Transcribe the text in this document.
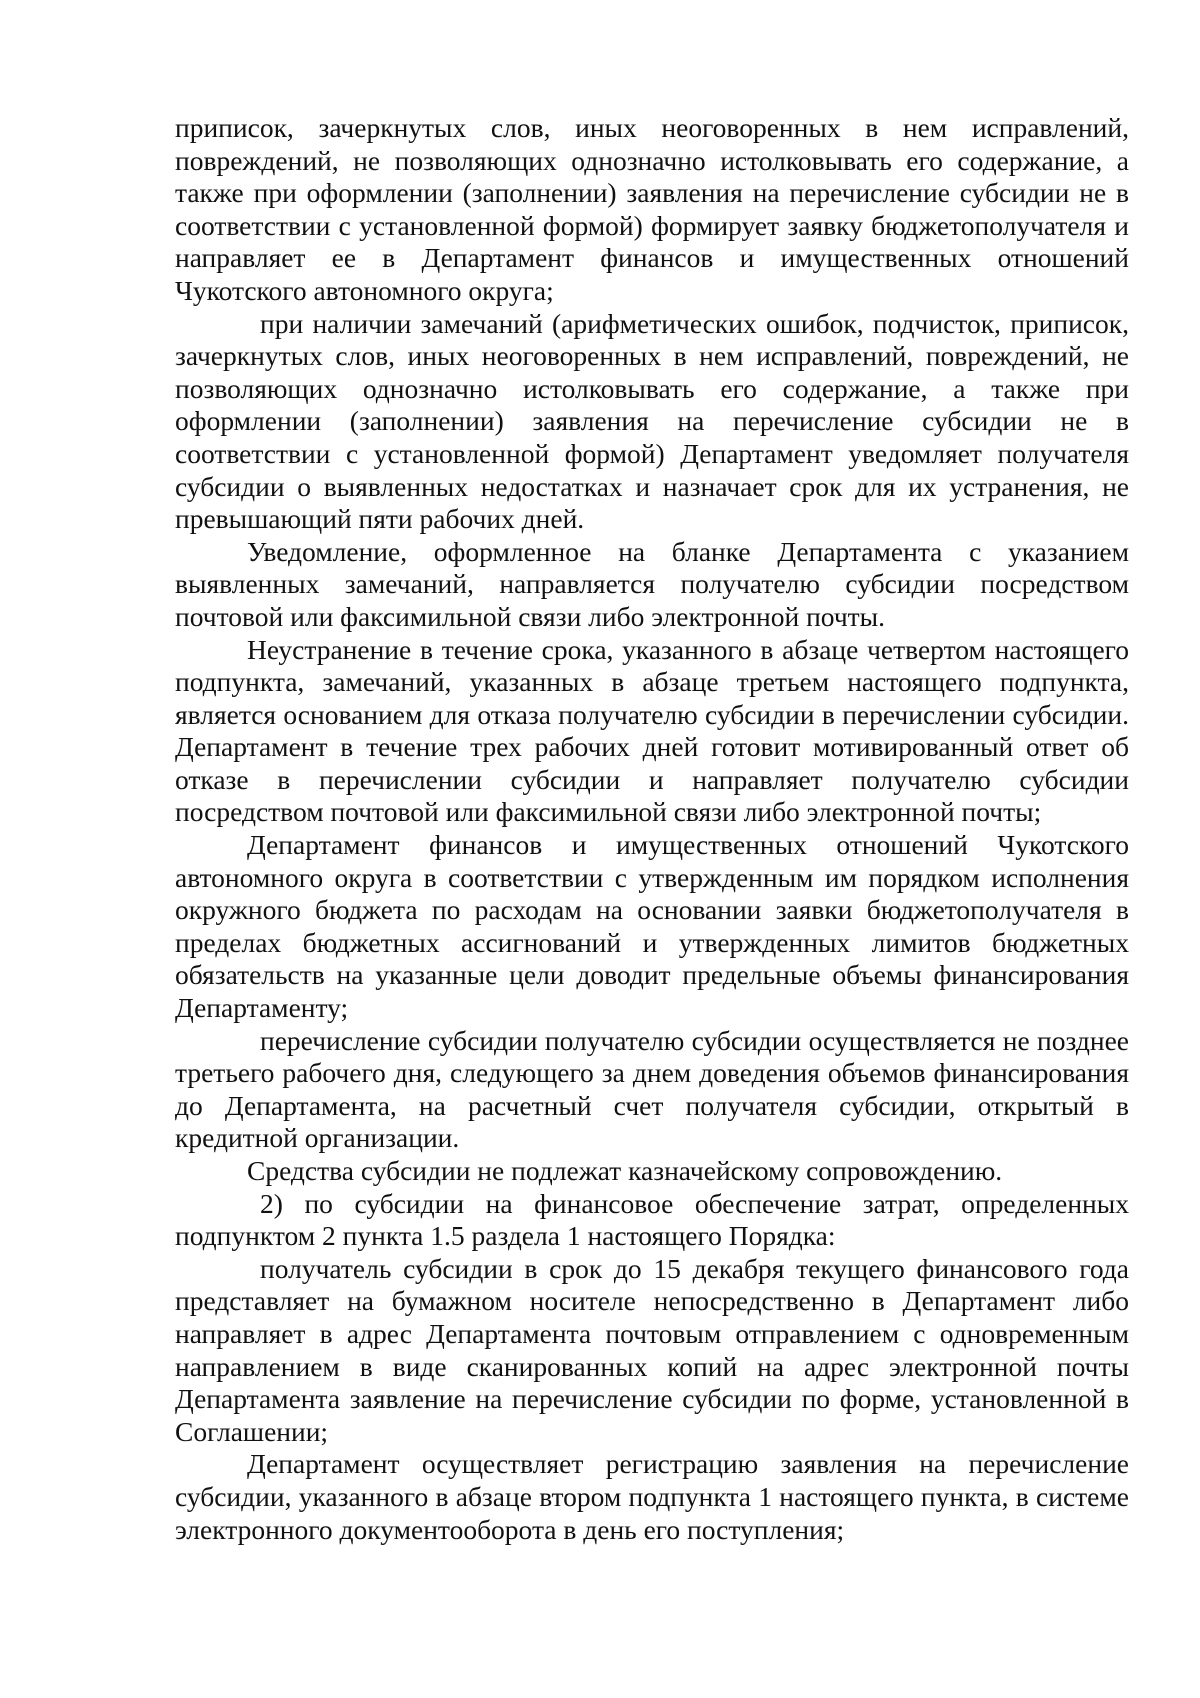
приписок, зачеркнутых слов, иных неоговоренных в нем исправлений, повреждений, не позволяющих однозначно истолковывать его содержание, а также при оформлении (заполнении) заявления на перечисление субсидии не в соответствии с установленной формой) формирует заявку бюджетополучателя и направляет ее в Департамент финансов и имущественных отношений Чукотского автономного округа;

при наличии замечаний (арифметических ошибок, подчисток, приписок, зачеркнутых слов, иных неоговоренных в нем исправлений, повреждений, не позволяющих однозначно истолковывать его содержание, а также при оформлении (заполнении) заявления на перечисление субсидии не в соответствии с установленной формой) Департамент уведомляет получателя субсидии о выявленных недостатках и назначает срок для их устранения, не превышающий пяти рабочих дней.

Уведомление, оформленное на бланке Департамента с указанием выявленных замечаний, направляется получателю субсидии посредством почтовой или факсимильной связи либо электронной почты.

Неустранение в течение срока, указанного в абзаце четвертом настоящего подпункта, замечаний, указанных в абзаце третьем настоящего подпункта, является основанием для отказа получателю субсидии в перечислении субсидии. Департамент в течение трех рабочих дней готовит мотивированный ответ об отказе в перечислении субсидии и направляет получателю субсидии посредством почтовой или факсимильной связи либо электронной почты;

Департамент финансов и имущественных отношений Чукотского автономного округа в соответствии с утвержденным им порядком исполнения окружного бюджета по расходам на основании заявки бюджетополучателя в пределах бюджетных ассигнований и утвержденных лимитов бюджетных обязательств на указанные цели доводит предельные объемы финансирования Департаменту;

перечисление субсидии получателю субсидии осуществляется не позднее третьего рабочего дня, следующего за днем доведения объемов финансирования до Департамента, на расчетный счет получателя субсидии, открытый в кредитной организации.

Средства субсидии не подлежат казначейскому сопровождению.

2) по субсидии на финансовое обеспечение затрат, определенных подпунктом 2 пункта 1.5 раздела 1 настоящего Порядка:

получатель субсидии в срок до 15 декабря текущего финансового года представляет на бумажном носителе непосредственно в Департамент либо направляет в адрес Департамента почтовым отправлением с одновременным направлением в виде сканированных копий на адрес электронной почты Департамента заявление на перечисление субсидии по форме, установленной в Соглашении;

Департамент осуществляет регистрацию заявления на перечисление субсидии, указанного в абзаце втором подпункта 1 настоящего пункта, в системе электронного документооборота в день его поступления;
